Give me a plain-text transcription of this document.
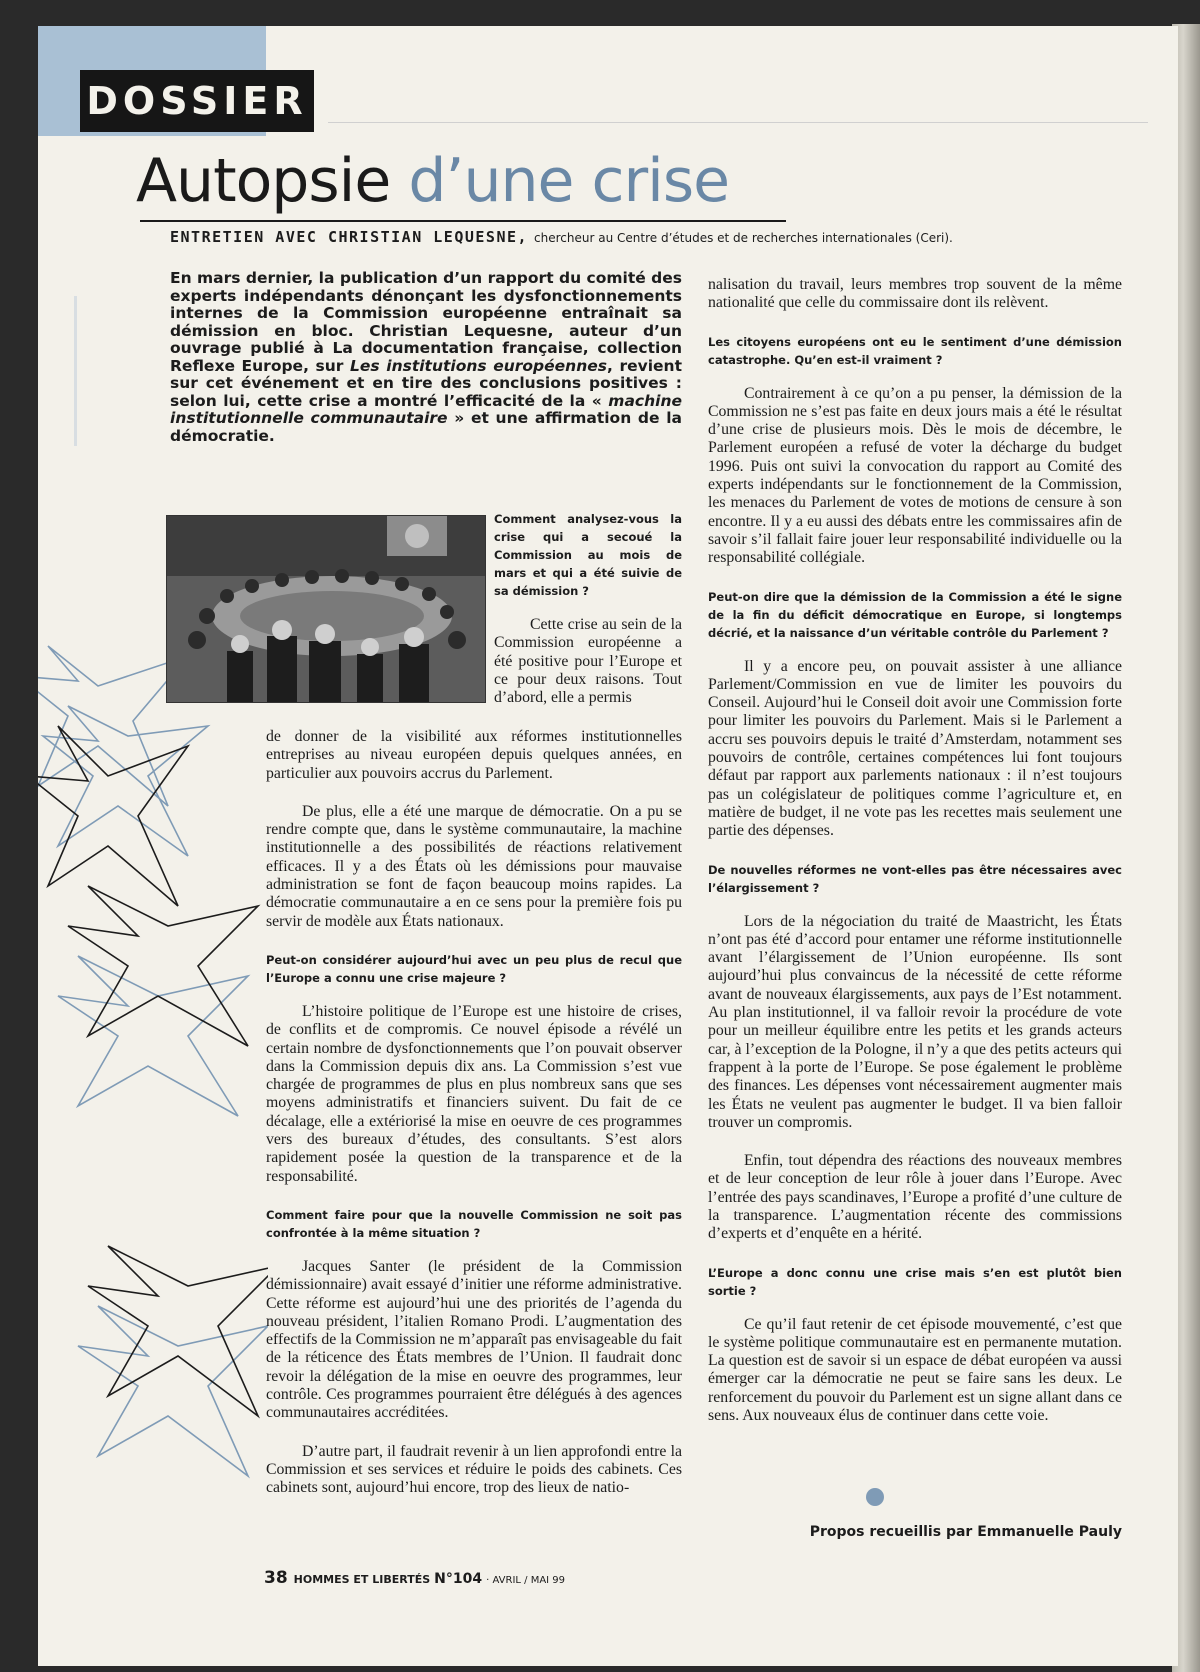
DOSSIER
Autopsie d’une crise
ENTRETIEN AVEC CHRISTIAN LEQUESNE, chercheur au Centre d’études et de recherches internationales (Ceri).

En mars dernier, la publication d’un rapport du comité des experts indépendants dénonçant les dysfonctionnements internes de la Commission européenne entraînait sa démission en bloc. Christian Lequesne, auteur d’un ouvrage publié à La documentation française, collection Reflexe Europe, sur Les institutions européennes, revient sur cet événement et en tire des conclusions positives : selon lui, cette crise a montré l’efficacité de la « machine institutionnelle communautaire » et une affirmation de la démocratie.

Comment analysez-vous la crise qui a secoué la Commission au mois de mars et qui a été suivie de sa démission ?

Cette crise au sein de la Commission européenne a été positive pour l’Europe et ce pour deux raisons. Tout d’abord, elle a permis

de donner de la visibilité aux réformes institutionnelles entreprises au niveau européen depuis quelques années, en particulier aux pouvoirs accrus du Parlement.

De plus, elle a été une marque de démocratie. On a pu se rendre compte que, dans le système communautaire, la machine institutionnelle a des possibilités de réactions relativement efficaces. Il y a des États où les démissions pour mauvaise administration se font de façon beaucoup moins rapides. La démocratie communautaire a en ce sens pour la première fois pu servir de modèle aux États nationaux.

Peut-on considérer aujourd’hui avec un peu plus de recul que l’Europe a connu une crise majeure ?

L’histoire politique de l’Europe est une histoire de crises, de conflits et de compromis. Ce nouvel épisode a révélé un certain nombre de dysfonctionnements que l’on pouvait observer dans la Commission depuis dix ans. La Commission s’est vue chargée de programmes de plus en plus nombreux sans que ses moyens administratifs et financiers suivent. Du fait de ce décalage, elle a extériorisé la mise en oeuvre de ces programmes vers des bureaux d’études, des consultants. S’est alors rapidement posée la question de la transparence et de la responsabilité.

Comment faire pour que la nouvelle Commission ne soit pas confrontée à la même situation ?

Jacques Santer (le président de la Commission démissionnaire) avait essayé d’initier une réforme administrative. Cette réforme est aujourd’hui une des priorités de l’agenda du nouveau président, l’italien Romano Prodi. L’augmentation des effectifs de la Commission ne m’apparaît pas envisageable du fait de la réticence des États membres de l’Union. Il faudrait donc revoir la délégation de la mise en oeuvre des programmes, leur contrôle. Ces programmes pourraient être délégués à des agences communautaires accréditées.

D’autre part, il faudrait revenir à un lien approfondi entre la Commission et ses services et réduire le poids des cabinets. Ces cabinets sont, aujourd’hui encore, trop des lieux de natio-

nalisation du travail, leurs membres trop souvent de la même nationalité que celle du commissaire dont ils relèvent.

Les citoyens européens ont eu le sentiment d’une démission catastrophe. Qu’en est-il vraiment ?

Contrairement à ce qu’on a pu penser, la démission de la Commission ne s’est pas faite en deux jours mais a été le résultat d’une crise de plusieurs mois. Dès le mois de décembre, le Parlement européen a refusé de voter la décharge du budget 1996. Puis ont suivi la convocation du rapport au Comité des experts indépendants sur le fonctionnement de la Commission, les menaces du Parlement de votes de motions de censure à son encontre. Il y a eu aussi des débats entre les commissaires afin de savoir s’il fallait faire jouer leur responsabilité individuelle ou la responsabilité collégiale.

Peut-on dire que la démission de la Commission a été le signe de la fin du déficit démocratique en Europe, si longtemps décrié, et la naissance d’un véritable contrôle du Parlement ?

Il y a encore peu, on pouvait assister à une alliance Parlement/Commission en vue de limiter les pouvoirs du Conseil. Aujourd’hui le Conseil doit avoir une Commission forte pour limiter les pouvoirs du Parlement. Mais si le Parlement a accru ses pouvoirs depuis le traité d’Amsterdam, notamment ses pouvoirs de contrôle, certaines compétences lui font toujours défaut par rapport aux parlements nationaux : il n’est toujours pas un colégislateur de politiques comme l’agriculture et, en matière de budget, il ne vote pas les recettes mais seulement une partie des dépenses.

De nouvelles réformes ne vont-elles pas être nécessaires avec l’élargissement ?

Lors de la négociation du traité de Maastricht, les États n’ont pas été d’accord pour entamer une réforme institutionnelle avant l’élargissement de l’Union européenne. Ils sont aujourd’hui plus convaincus de la nécessité de cette réforme avant de nouveaux élargissements, aux pays de l’Est notamment. Au plan institutionnel, il va falloir revoir la procédure de vote pour un meilleur équilibre entre les petits et les grands acteurs car, à l’exception de la Pologne, il n’y a que des petits acteurs qui frappent à la porte de l’Europe. Se pose également le problème des finances. Les dépenses vont nécessairement augmenter mais les États ne veulent pas augmenter le budget. Il va bien falloir trouver un compromis.

Enfin, tout dépendra des réactions des nouveaux membres et de leur conception de leur rôle à jouer dans l’Europe. Avec l’entrée des pays scandinaves, l’Europe a profité d’une culture de la transparence. L’augmentation récente des commissions d’experts et d’enquête en a hérité.

L’Europe a donc connu une crise mais s’en est plutôt bien sortie ?

Ce qu’il faut retenir de cet épisode mouvementé, c’est que le système politique communautaire est en permanente mutation. La question est de savoir si un espace de débat européen va aussi émerger car la démocratie ne peut se faire sans les deux. Le renforcement du pouvoir du Parlement est un signe allant dans ce sens. Aux nouveaux élus de continuer dans cette voie.

Propos recueillis par Emmanuelle Pauly
38 HOMMES ET LIBERTÉS N°104 · AVRIL / MAI 99
